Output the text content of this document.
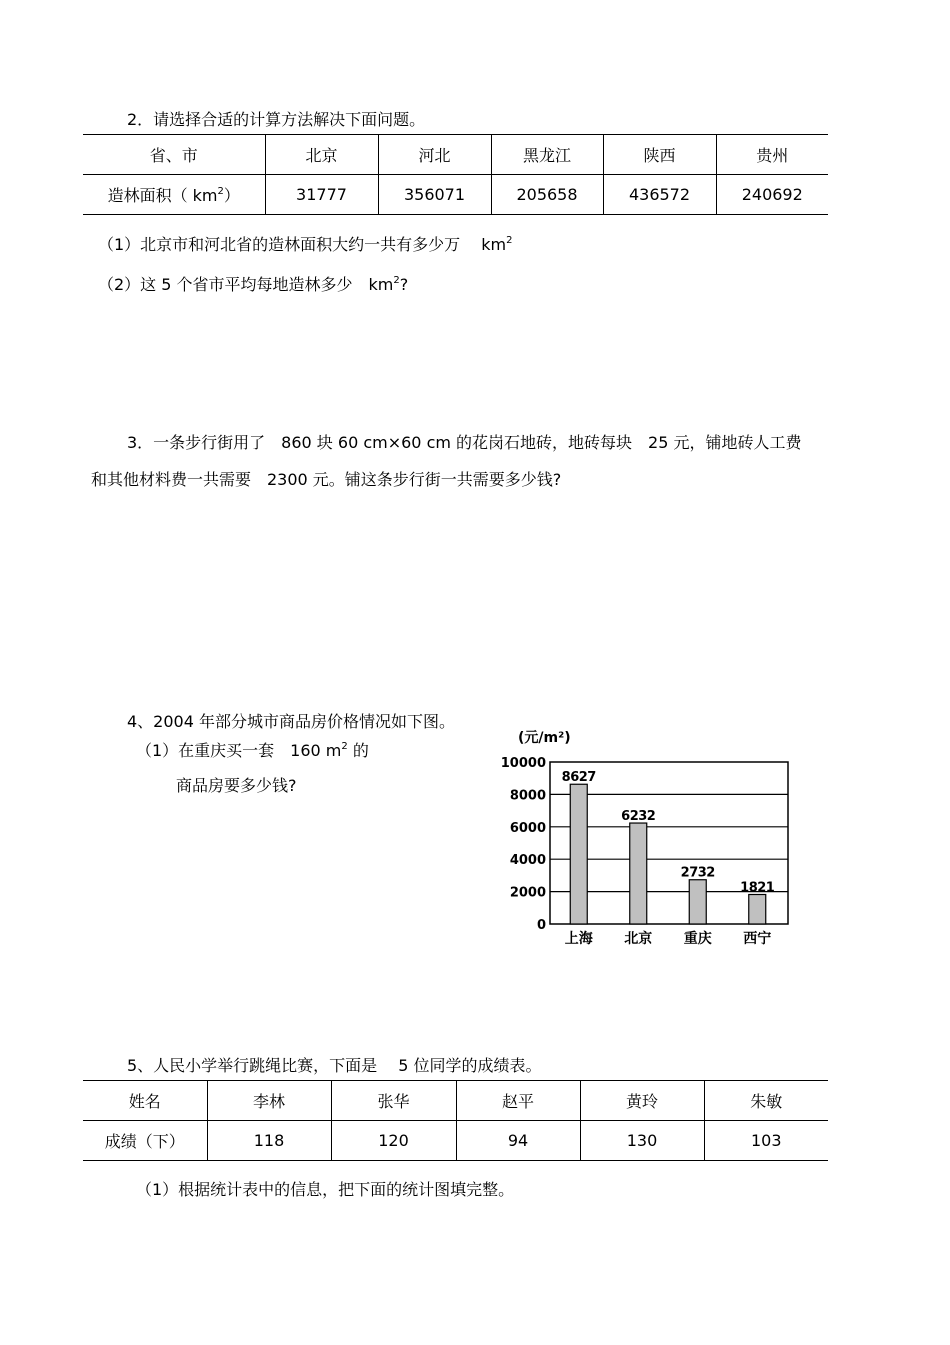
2．请选择合适的计算方法解决下面问题。
省、市	北京	河北	黑龙江	陕西	贵州
造林面积（ $km^2$）	31777	356071	205658	436572	240692
（1）北京市和河北省的造林面积大约一共有多少万　 $km^2$
（2）这 5 个省市平均每地造林多少　$km^2$?
3．一条步行街用了　860 块 60 cm×60 cm 的花岗石地砖，地砖每块　25 元，铺地砖人工费
和其他材料费一共需要　2300 元。铺这条步行街一共需要多少钱?
4、2004 年部分城市商品房价格情况如下图。
（1）在重庆买一套　160 $m^2$ 的
商品房要多少钱?
(元/m²)
10000
8000
6000
4000
2000
0
8627
6232
2732
1821
上海 北京 重庆 西宁
5、人民小学举行跳绳比赛，下面是　 5 位同学的成绩表。
姓名	李林	张华	赵平	黄玲	朱敏
成绩（下）	118	120	94	130	103
（1）根据统计表中的信息，把下面的统计图填完整。
